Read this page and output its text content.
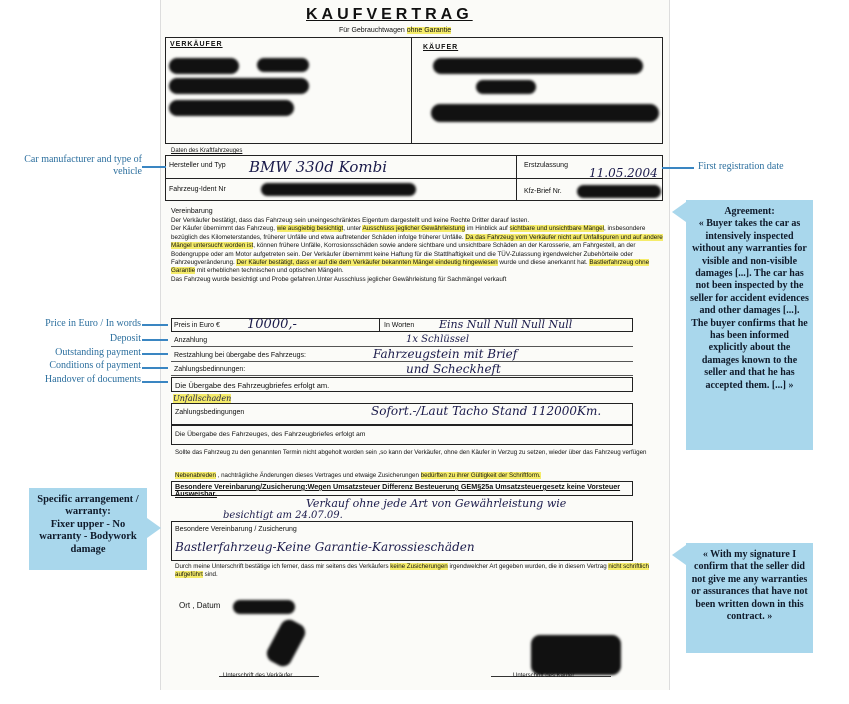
KAUFVERTRAG
Für Gebrauchtwagen ohne Garantie
VERKÄUFER	KÄUFER
Daten des Kraftfahrzeuges
Hersteller und Typ BMW 330d Kombi	Erstzulassung
11.05.2004
Fahrzeug-Ident Nr	Kfz-Brief Nr.
Vereinbarung
Der Verkäufer bestätigt, dass das Fahrzeug sein uneingeschränktes Eigentum dargestellt und keine Rechte Dritter darauf lasten.
Der Käufer übernimmt das Fahrzeug, wie ausgiebig besichtigt, unter Ausschluss jeglicher Gewährleistung im Hinblick auf sichtbare und unsichtbare Mängel, insbesondere bezüglich des Kilometerstandes, früherer Unfälle und etwa auftretender Schäden infolge früherer Unfälle. Da das Fahrzeug vom Verkäufer nicht auf Unfallspuren und auf andere Mängel untersucht worden ist, können frühere Unfälle, Korrosionsschäden sowie andere sichtbare und unsichtbare Schäden an der Karosserie, am Fahrgestell, an der Bodengruppe oder am Motor aufgetreten sein. Der Verkäufer übernimmt keine Haftung für die Stattlhaftigkeit und die TÜV-Zulassung irgendwelcher Zubehörteile oder Fahrzeugveränderung. Der Käufer bestätigt, dass er auf die dem Verkäufer bekannten Mängel eindeutig hingewiesen wurde und diese anerkannt hat. Bastlerfahrzeug ohne Garantie mit erheblichen technischen und optischen Mängeln.
Das Fahrzeug wurde besichtigt und Probe gefahren.Unter Ausschluss jeglicher Gewährleistung für Sachmängel verkauft
Preis in Euro € 10000,-	In Worten Eins Null Null Null Null
Anzahlung	1x Schlüssel
Restzahlung bei übergabe des Fahrzeugs:	Fahrzeugstein mit Brief
Zahlungsbedinnungen:	und Scheckheft
Die Übergabe des Fahrzeugbriefes erfolgt am.
Unfallschaden
Zahlungsbedingungen	Sofort.-/Laut Tacho Stand 112000Km.
Die Übergabe des Fahrzeuges, des Fahrzeugbriefes erfolgt am
Sollte das Fahrzeug zu den genannten Termin nicht abgeholt worden sein ,so kann der Verkäufer, ohne den Käufer in Verzug zu setzen, wieder über das Fahrzeug verfügen
Nebenabreden , nachträgliche Änderungen dieses Vertrages und etwaige Zusicherungen bedürften zu ihrer Gültigkeit der Schriftform.
Besondere Vereinbarung/Zusicherung:Wegen Umsatzsteuer Differenz Besteuerung GEM§25a Umsatzsteuergesetz keine Vorsteuer Ausweisbar.
Verkauf ohne jede Art von Gewährleistung wie
besichtigt am 24.07.09.
Besondere Vereinbarung / Zusicherung
Bastlerfahrzeug-Keine Garantie-Karossieschäden
Durch meine Unterschrift bestätige ich ferner, dass mir seitens des Verkäufers keine Zusicherungen irgendwelcher Art gegeben wurden, die in diesem Vertrag nicht schriftlich aufgeführt sind.
Ort , Datum
Unterschrift des Verkäufer	Unterschrift des Käufer
Car manufacturer and type of vehicle	First registration date
Price in Euro / In words
Deposit
Outstanding payment
Conditions of payment
Handover of documents
Agreement:
« Buyer takes the car as intensively inspected without any warranties for visible and non-visible damages [...]. The car has not been inspected by the seller for accident evidences and other damages [...]. The buyer confirms that he has been informed explicitly about the damages known to the seller and that he has accepted them. [...] »
Specific arrangement / warranty:
Fixer upper - No warranty - Bodywork damage	« With my signature I confirm that the seller did not give me any warranties or assurances that have not been written down in this contract. »
